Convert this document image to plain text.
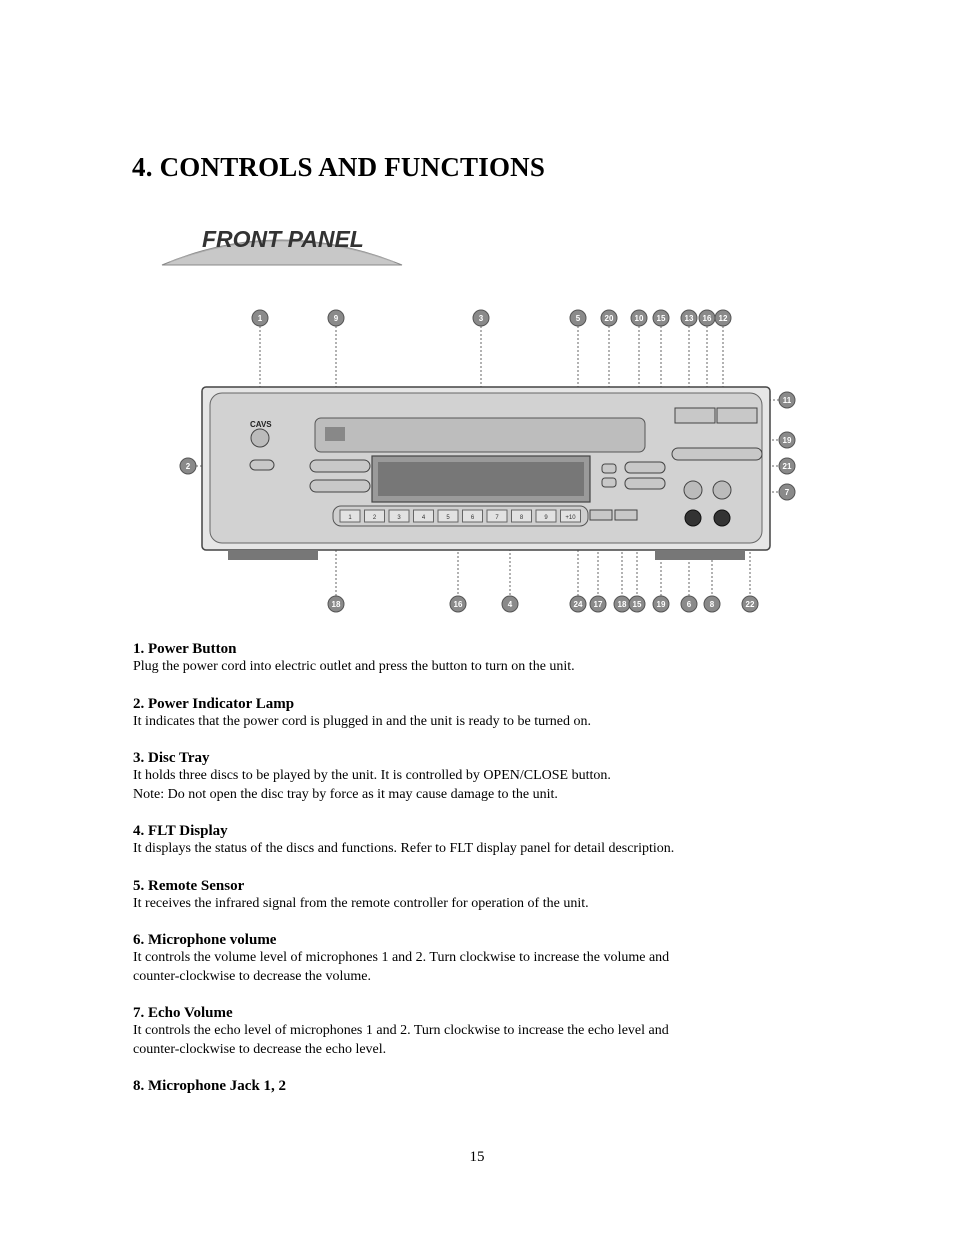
4. CONTROLS AND FUNCTIONS
FRONT PANEL
CAVS
1	2	3	4	5	6	7	8	9	+10
1	9	3	5	20	10 15 13 16 12
11
19
21
7
2
18	16	4	24 17 18 15 19	6 8	22
1. Power Button
Plug the power cord into electric outlet and press the button to turn on the unit.
2. Power Indicator Lamp
It indicates that the power cord is plugged in and the unit is ready to be turned on.
3. Disc Tray
It holds three discs to be played by the unit. It is controlled by OPEN/CLOSE button.
Note: Do not open the disc tray by force as it may cause damage to the unit.
4. FLT Display
It displays the status of the discs and functions. Refer to FLT display panel for detail description.
5. Remote Sensor
It receives the infrared signal from the remote controller for operation of the unit.
6. Microphone volume
It controls the volume level of microphones 1 and 2. Turn clockwise to increase the volume and
counter-clockwise to decrease the volume.
7. Echo Volume
It controls the echo level of microphones 1 and 2. Turn clockwise to increase the echo level and
counter-clockwise to decrease the echo level.
8. Microphone Jack 1, 2
15
